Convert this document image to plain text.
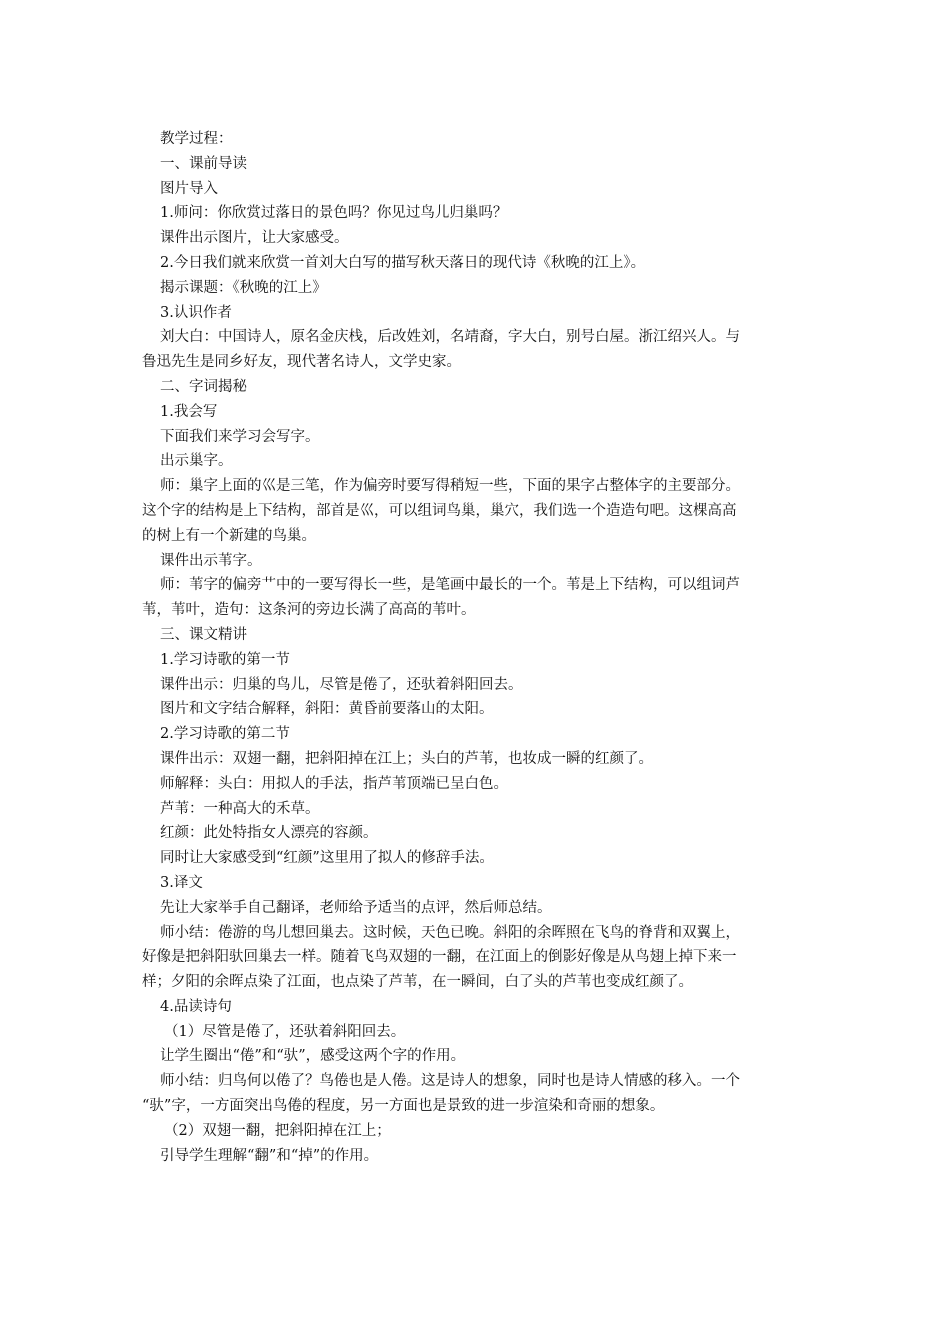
教学过程：
一、课前导读
图片导入
1.师问：你欣赏过落日的景色吗？你见过鸟儿归巢吗？
课件出示图片，让大家感受。
2.今日我们就来欣赏一首刘大白写的描写秋天落日的现代诗《秋晚的江上》。
揭示课题：《秋晚的江上》
3.认识作者
刘大白：中国诗人，原名金庆栈，后改姓刘，名靖裔，字大白，别号白屋。浙江绍兴人。与
鲁迅先生是同乡好友，现代著名诗人，文学史家。
二、字词揭秘
1.我会写
下面我们来学习会写字。
出示巢字。
师：巢字上面的巛是三笔，作为偏旁时要写得稍短一些，下面的果字占整体字的主要部分。
这个字的结构是上下结构，部首是巛，可以组词鸟巢，巢穴，我们选一个造造句吧。这棵高高
的树上有一个新建的鸟巢。
课件出示苇字。
师：苇字的偏旁艹中的一要写得长一些，是笔画中最长的一个。苇是上下结构，可以组词芦
苇，苇叶，造句：这条河的旁边长满了高高的苇叶。
三、课文精讲
1.学习诗歌的第一节
课件出示：归巢的鸟儿，尽管是倦了，还驮着斜阳回去。
图片和文字结合解释，斜阳：黄昏前要落山的太阳。
2.学习诗歌的第二节
课件出示：双翅一翻，把斜阳掉在江上；头白的芦苇，也妆成一瞬的红颜了。
师解释：头白：用拟人的手法，指芦苇顶端已呈白色。
芦苇：一种高大的禾草。
红颜：此处特指女人漂亮的容颜。
同时让大家感受到“红颜”这里用了拟人的修辞手法。
3.译文
先让大家举手自己翻译，老师给予适当的点评，然后师总结。
师小结：倦游的鸟儿想回巢去。这时候，天色已晚。斜阳的余晖照在飞鸟的脊背和双翼上，
好像是把斜阳驮回巢去一样。随着飞鸟双翅的一翻，在江面上的倒影好像是从鸟翅上掉下来一
样；夕阳的余晖点染了江面，也点染了芦苇，在一瞬间，白了头的芦苇也变成红颜了。
4.品读诗句
（1）尽管是倦了，还驮着斜阳回去。
让学生圈出“倦”和“驮”，感受这两个字的作用。
师小结：归鸟何以倦了？鸟倦也是人倦。这是诗人的想象，同时也是诗人情感的移入。一个
“驮”字，一方面突出鸟倦的程度，另一方面也是景致的进一步渲染和奇丽的想象。
（2）双翅一翻，把斜阳掉在江上；
引导学生理解“翻”和“掉”的作用。
